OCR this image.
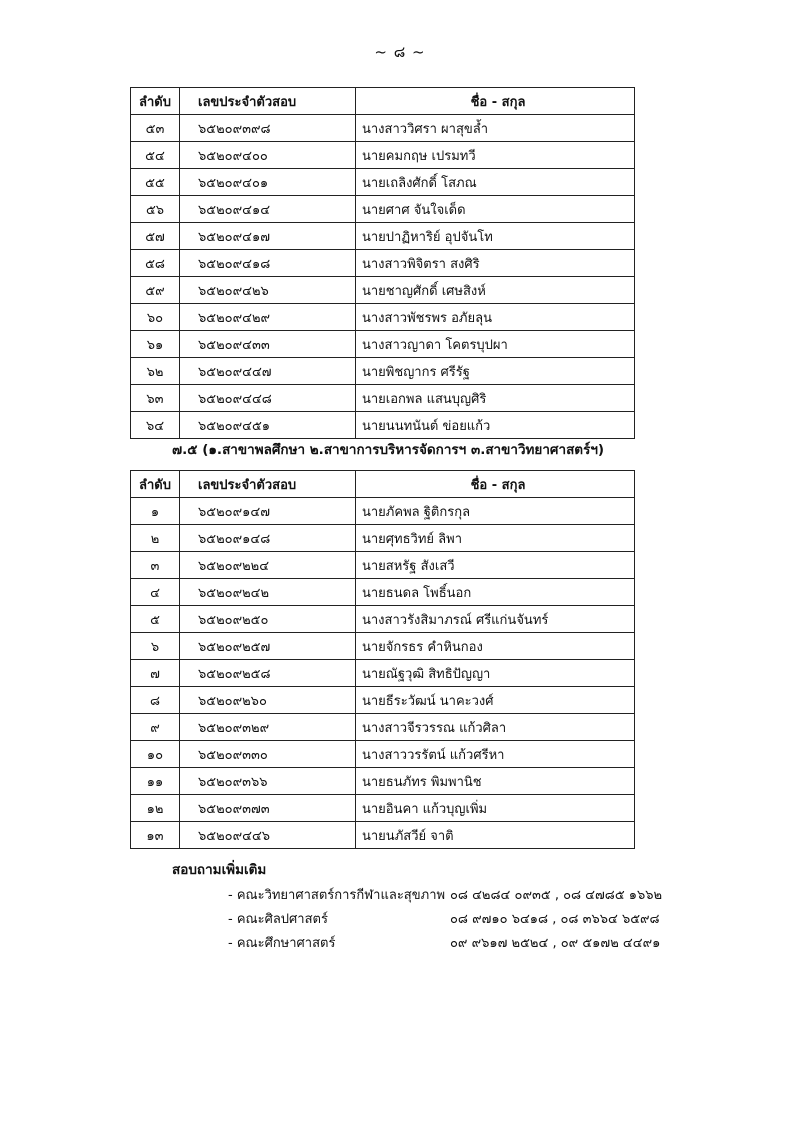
~ ๘ ~
ลำดับ	เลขประจำตัวสอบ	ชื่อ - สกุล
๕๓	๖๕๒๐๙๓๙๘	นางสาววิศรา ผาสุขล้ำ
๕๔	๖๕๒๐๙๔๐๐	นายคมกฤษ เปรมทวี
๕๕	๖๕๒๐๙๔๐๑	นายเถลิงศักดิ์ โสภณ
๕๖	๖๕๒๐๙๔๑๔	นายศาศ จันใจเด็ด
๕๗	๖๕๒๐๙๔๑๗	นายปาฏิหาริย์ อุปจันโท
๕๘	๖๕๒๐๙๔๑๘	นางสาวพิจิตรา สงศิริ
๕๙	๖๕๒๐๙๔๒๖	นายชาญศักดิ์ เศษสิงห์
๖๐	๖๕๒๐๙๔๒๙	นางสาวพัชรพร อภัยลุน
๖๑	๖๕๒๐๙๔๓๓	นางสาวญาดา โคตรบุปผา
๖๒	๖๕๒๐๙๔๔๗	นายพิชญากร ศรีรัฐ
๖๓	๖๕๒๐๙๔๔๘	นายเอกพล แสนบุญศิริ
๖๔	๖๕๒๐๙๔๕๑	นายนนทนันต์ ข่อยแก้ว
๗.๕ (๑.สาขาพลศึกษา ๒.สาขาการบริหารจัดการฯ ๓.สาขาวิทยาศาสตร์ฯ)
ลำดับ	เลขประจำตัวสอบ	ชื่อ - สกุล
๑	๖๕๒๐๙๑๔๗	นายภัคพล ฐิติกรกุล
๒	๖๕๒๐๙๑๔๘	นายศุทธวิทย์ ลิพา
๓	๖๕๒๐๙๒๒๔	นายสหรัฐ สังเสวี
๔	๖๕๒๐๙๒๔๒	นายธนดล โพธิ์นอก
๕	๖๕๒๐๙๒๕๐	นางสาวรังสิมาภรณ์ ศรีแก่นจันทร์
๖	๖๕๒๐๙๒๕๗	นายจักรธร คำหินกอง
๗	๖๕๒๐๙๒๕๘	นายณัฐวุฒิ สิทธิปัญญา
๘	๖๕๒๐๙๒๖๐	นายธีระวัฒน์ นาคะวงศ์
๙	๖๕๒๐๙๓๒๙	นางสาวจีรวรรณ แก้วศิลา
๑๐	๖๕๒๐๙๓๓๐	นางสาววรรัตน์ แก้วศรีหา
๑๑	๖๕๒๐๙๓๖๖	นายธนภัทร พิมพานิช
๑๒	๖๕๒๐๙๓๗๓	นายอินคา แก้วบุญเพิ่ม
๑๓	๖๕๒๐๙๔๔๖	นายนภัสวีย์ จาติ
สอบถามเพิ่มเติม
- คณะวิทยาศาสตร์การกีฬาและสุขภาพ ๐๘ ๔๒๘๔ ๐๙๓๕ , ๐๘ ๔๗๘๕ ๑๖๖๒
- คณะศิลปศาสตร์	๐๘ ๙๗๑๐ ๖๔๑๘ , ๐๘ ๓๖๖๔ ๖๕๙๘
- คณะศึกษาศาสตร์	๐๙ ๙๖๑๗ ๒๕๒๔ , ๐๙ ๕๑๗๒ ๔๔๙๑
